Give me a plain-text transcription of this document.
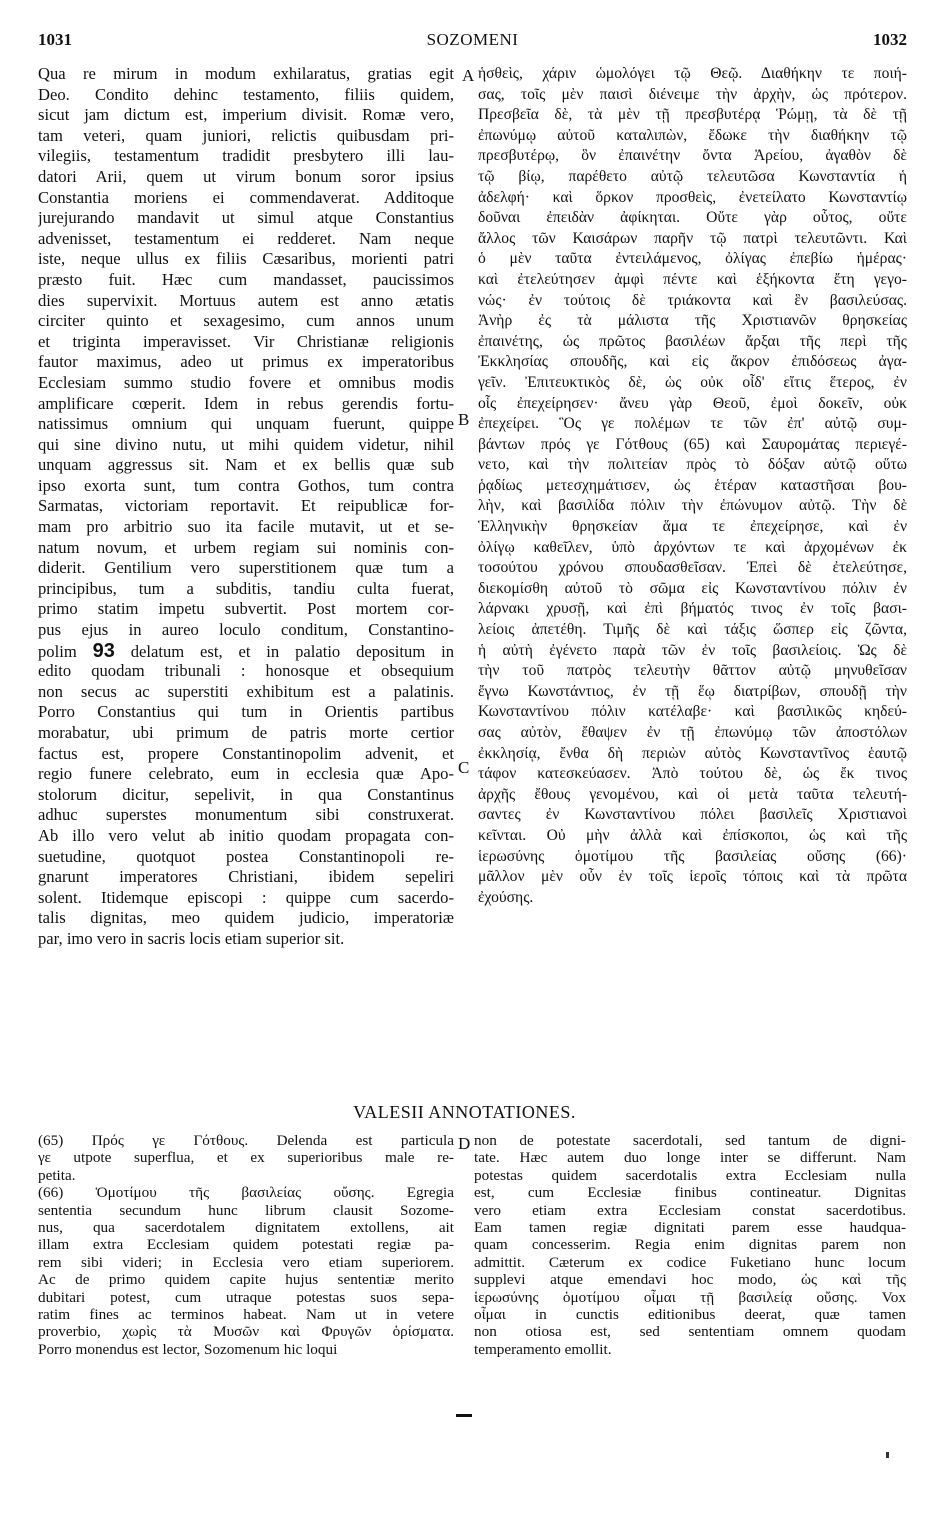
1031	SOZOMENI	1032
Qua re mirum in modum exhilaratus, gratias egit
Deo. Condito dehinc testamento, filiis quidem,
sicut jam dictum est, imperium divisit. Romæ vero,
tam veteri, quam juniori, relictis quibusdam pri-
vilegiis, testamentum tradidit presbytero illi lau-
datori Arii, quem ut virum bonum soror ipsius
Constantia moriens ei commendaverat. Additoque
jurejurando mandavit ut simul atque Constantius
advenisset, testamentum ei redderet. Nam neque
iste, neque ullus ex filiis Cæsaribus, morienti patri
præsto fuit. Hæc cum mandasset, paucissimos
dies supervixit. Mortuus autem est anno ætatis
circiter quinto et sexagesimo, cum annos unum
et triginta imperavisset. Vir Christianæ religionis
fautor maximus, adeo ut primus ex imperatoribus
Ecclesiam summo studio fovere et omnibus modis
amplificare cœperit. Idem in rebus gerendis fortu-
natissimus omnium qui unquam fuerunt, quippe
qui sine divino nutu, ut mihi quidem videtur, nihil
unquam aggressus sit. Nam et ex bellis quæ sub
ipso exorta sunt, tum contra Gothos, tum contra
Sarmatas, victoriam reportavit. Et reipublicæ for-
mam pro arbitrio suo ita facile mutavit, ut et se-
natum novum, et urbem regiam sui nominis con-
diderit. Gentilium vero superstitionem quæ tum a
principibus, tum a subditis, tandiu culta fuerat,
primo statim impetu subvertit. Post mortem cor-
pus ejus in aureo loculo conditum, Constantino-
polim 93 delatum est, et in palatio depositum in
edito quodam tribunali : honosque et obsequium
non secus ac superstiti exhibitum est a palatinis.
Porro Constantius qui tum in Orientis partibus
morabatur, ubi primum de patris morte certior
factus est, propere Constantinopolim advenit, et
regio funere celebrato, eum in ecclesia quæ Apo-
stolorum dicitur, sepelivit, in qua Constantinus
adhuc superstes monumentum sibi construxerat.
Ab illo vero velut ab initio quodam propagata con-
suetudine, quotquot postea Constantinopoli re-
gnarunt imperatores Christiani, ibidem sepeliri
solent. Itidemque episcopi : quippe cum sacerdo-
talis dignitas, meo quidem judicio, imperatoriæ
par, imo vero in sacris locis etiam superior sit.
ἡσθεὶς, χάριν ὡμολόγει τῷ Θεῷ. Διαθήκην τε ποιή-
σας, τοῖς μὲν παισὶ διένειμε τὴν ἀρχὴν, ὡς πρότερον.
Πρεσβεῖα δὲ, τὰ μὲν τῇ πρεσβυτέρᾳ Ῥώμῃ, τὰ δὲ τῇ
ἐπωνύμῳ αὐτοῦ καταλιπὼν, ἔδωκε τὴν διαθήκην τῷ
πρεσβυτέρῳ, ὃν ἐπαινέτην ὄντα Ἀρείου, ἀγαθὸν δὲ
τῷ βίῳ, παρέθετο αὐτῷ τελευτῶσα Κωνσταντία ἡ
ἀδελφή· καὶ ὅρκον προσθεὶς, ἐνετείλατο Κωνσταντίῳ
δοῦναι ἐπειδὰν ἀφίκηται. Οὔτε γὰρ οὗτος, οὔτε
ἄλλος τῶν Καισάρων παρῆν τῷ πατρὶ τελευτῶντι. Καὶ
ὁ μὲν ταῦτα ἐντειλάμενος, ὀλίγας ἐπεβίω ἡμέρας·
καὶ ἐτελεύτησεν ἀμφὶ πέντε καὶ ἑξήκοντα ἔτη γεγο-
νώς· ἐν τούτοις δὲ τριάκοντα καὶ ἓν βασιλεύσας.
Ἀνὴρ ἐς τὰ μάλιστα τῆς Χριστιανῶν θρησκείας
ἐπαινέτης, ὡς πρῶτος βασιλέων ἄρξαι τῆς περὶ τῆς
Ἐκκλησίας σπουδῆς, καὶ εἰς ἄκρον ἐπιδόσεως ἀγα-
γεῖν. Ἐπιτευκτικὸς δὲ, ὡς οὐκ οἶδ' εἴτις ἕτερος, ἐν
οἷς ἐπεχείρησεν· ἄνευ γὰρ Θεοῦ, ἐμοὶ δοκεῖν, οὐκ
ἐπεχείρει. Ὃς γε πολέμων τε τῶν ἐπ' αὐτῷ συμ-
βάντων πρός γε Γότθους (65) καὶ Σαυρομάτας περιεγέ-
νετο, καὶ τὴν πολιτείαν πρὸς τὸ δόξαν αὐτῷ οὕτω
ῥᾳδίως μετεσχημάτισεν, ὡς ἑτέραν καταστῆσαι βου-
λὴν, καὶ βασιλίδα πόλιν τὴν ἐπώνυμον αὐτῷ. Τὴν δὲ
Ἑλληνικὴν θρησκείαν ἅμα τε ἐπεχείρησε, καὶ ἐν
ὀλίγῳ καθεῖλεν, ὑπὸ ἀρχόντων τε καὶ ἀρχομένων ἐκ
τοσούτου χρόνου σπουδασθεῖσαν. Ἐπεὶ δὲ ἐτελεύτησε,
διεκομίσθη αὐτοῦ τὸ σῶμα εἰς Κωνσταντίνου πόλιν ἐν
λάρνακι χρυσῇ, καὶ ἐπὶ βήματός τινος ἐν τοῖς βασι-
λείοις ἀπετέθη. Τιμῆς δὲ καὶ τάξις ὥσπερ εἰς ζῶντα,
ἡ αὐτὴ ἐγένετο παρὰ τῶν ἐν τοῖς βασιλείοις. Ὡς δὲ
τὴν τοῦ πατρὸς τελευτὴν θᾶττον αὐτῷ μηνυθεῖσαν
ἔγνω Κωνστάντιος, ἐν τῇ ἕῳ διατρίβων, σπουδῇ τὴν
Κωνσταντίνου πόλιν κατέλαβε· καὶ βασιλικῶς κηδεύ-
σας αὐτὸν, ἔθαψεν ἐν τῇ ἐπωνύμῳ τῶν ἀποστόλων
ἐκκλησίᾳ, ἔνθα δὴ περιὼν αὐτὸς Κωνσταντῖνος ἑαυτῷ
τάφον κατεσκεύασεν. Ἀπὸ τούτου δὲ, ὡς ἔκ τινος
ἀρχῆς ἔθους γενομένου, καὶ οἱ μετὰ ταῦτα τελευτή-
σαντες ἐν Κωνσταντίνου πόλει βασιλεῖς Χριστιανοὶ
κεῖνται. Οὐ μὴν ἀλλὰ καὶ ἐπίσκοποι, ὡς καὶ τῆς
ἱερωσύνης ὁμοτίμου τῆς βασιλείας οὔσης (66)·
μᾶλλον μὲν οὖν ἐν τοῖς ἱεροῖς τόποις καὶ τὰ πρῶτα
ἐχούσης.
A
B
C
D
VALESII ANNOTATIONES.
(65) Πρός γε Γότθους. Delenda est particula
γε utpote superflua, et ex superioribus male re-
petita.
(66) Ὁμοτίμου τῆς βασιλείας οὔσης. Egregia
sententia secundum hunc librum clausit Sozome-
nus, qua sacerdotalem dignitatem extollens, ait
illam extra Ecclesiam quidem potestati regiæ pa-
rem sibi videri; in Ecclesia vero etiam superiorem.
Ac de primo quidem capite hujus sententiæ merito
dubitari potest, cum utraque potestas suos sepa-
ratim fines ac terminos habeat. Nam ut in vetere
proverbio, χωρὶς τὰ Μυσῶν καὶ Φρυγῶν ὁρίσματα.
Porro monendus est lector, Sozomenum hic loqui
non de potestate sacerdotali, sed tantum de digni-
tate. Hæc autem duo longe inter se differunt. Nam
potestas quidem sacerdotalis extra Ecclesiam nulla
est, cum Ecclesiæ finibus contineatur. Dignitas
vero etiam extra Ecclesiam constat sacerdotibus.
Eam tamen regiæ dignitati parem esse haudqua-
quam concesserim. Regia enim dignitas parem non
admittit. Cæterum ex codice Fuketiano hunc locum
supplevi atque emendavi hoc modo, ὡς καὶ τῆς
ἱερωσύνης ὁμοτίμου οἶμαι τῇ βασιλείᾳ οὔσης. Vox
οἶμαι in cunctis editionibus deerat, quæ tamen
non otiosa est, sed sententiam omnem quodam
temperamento emollit.
